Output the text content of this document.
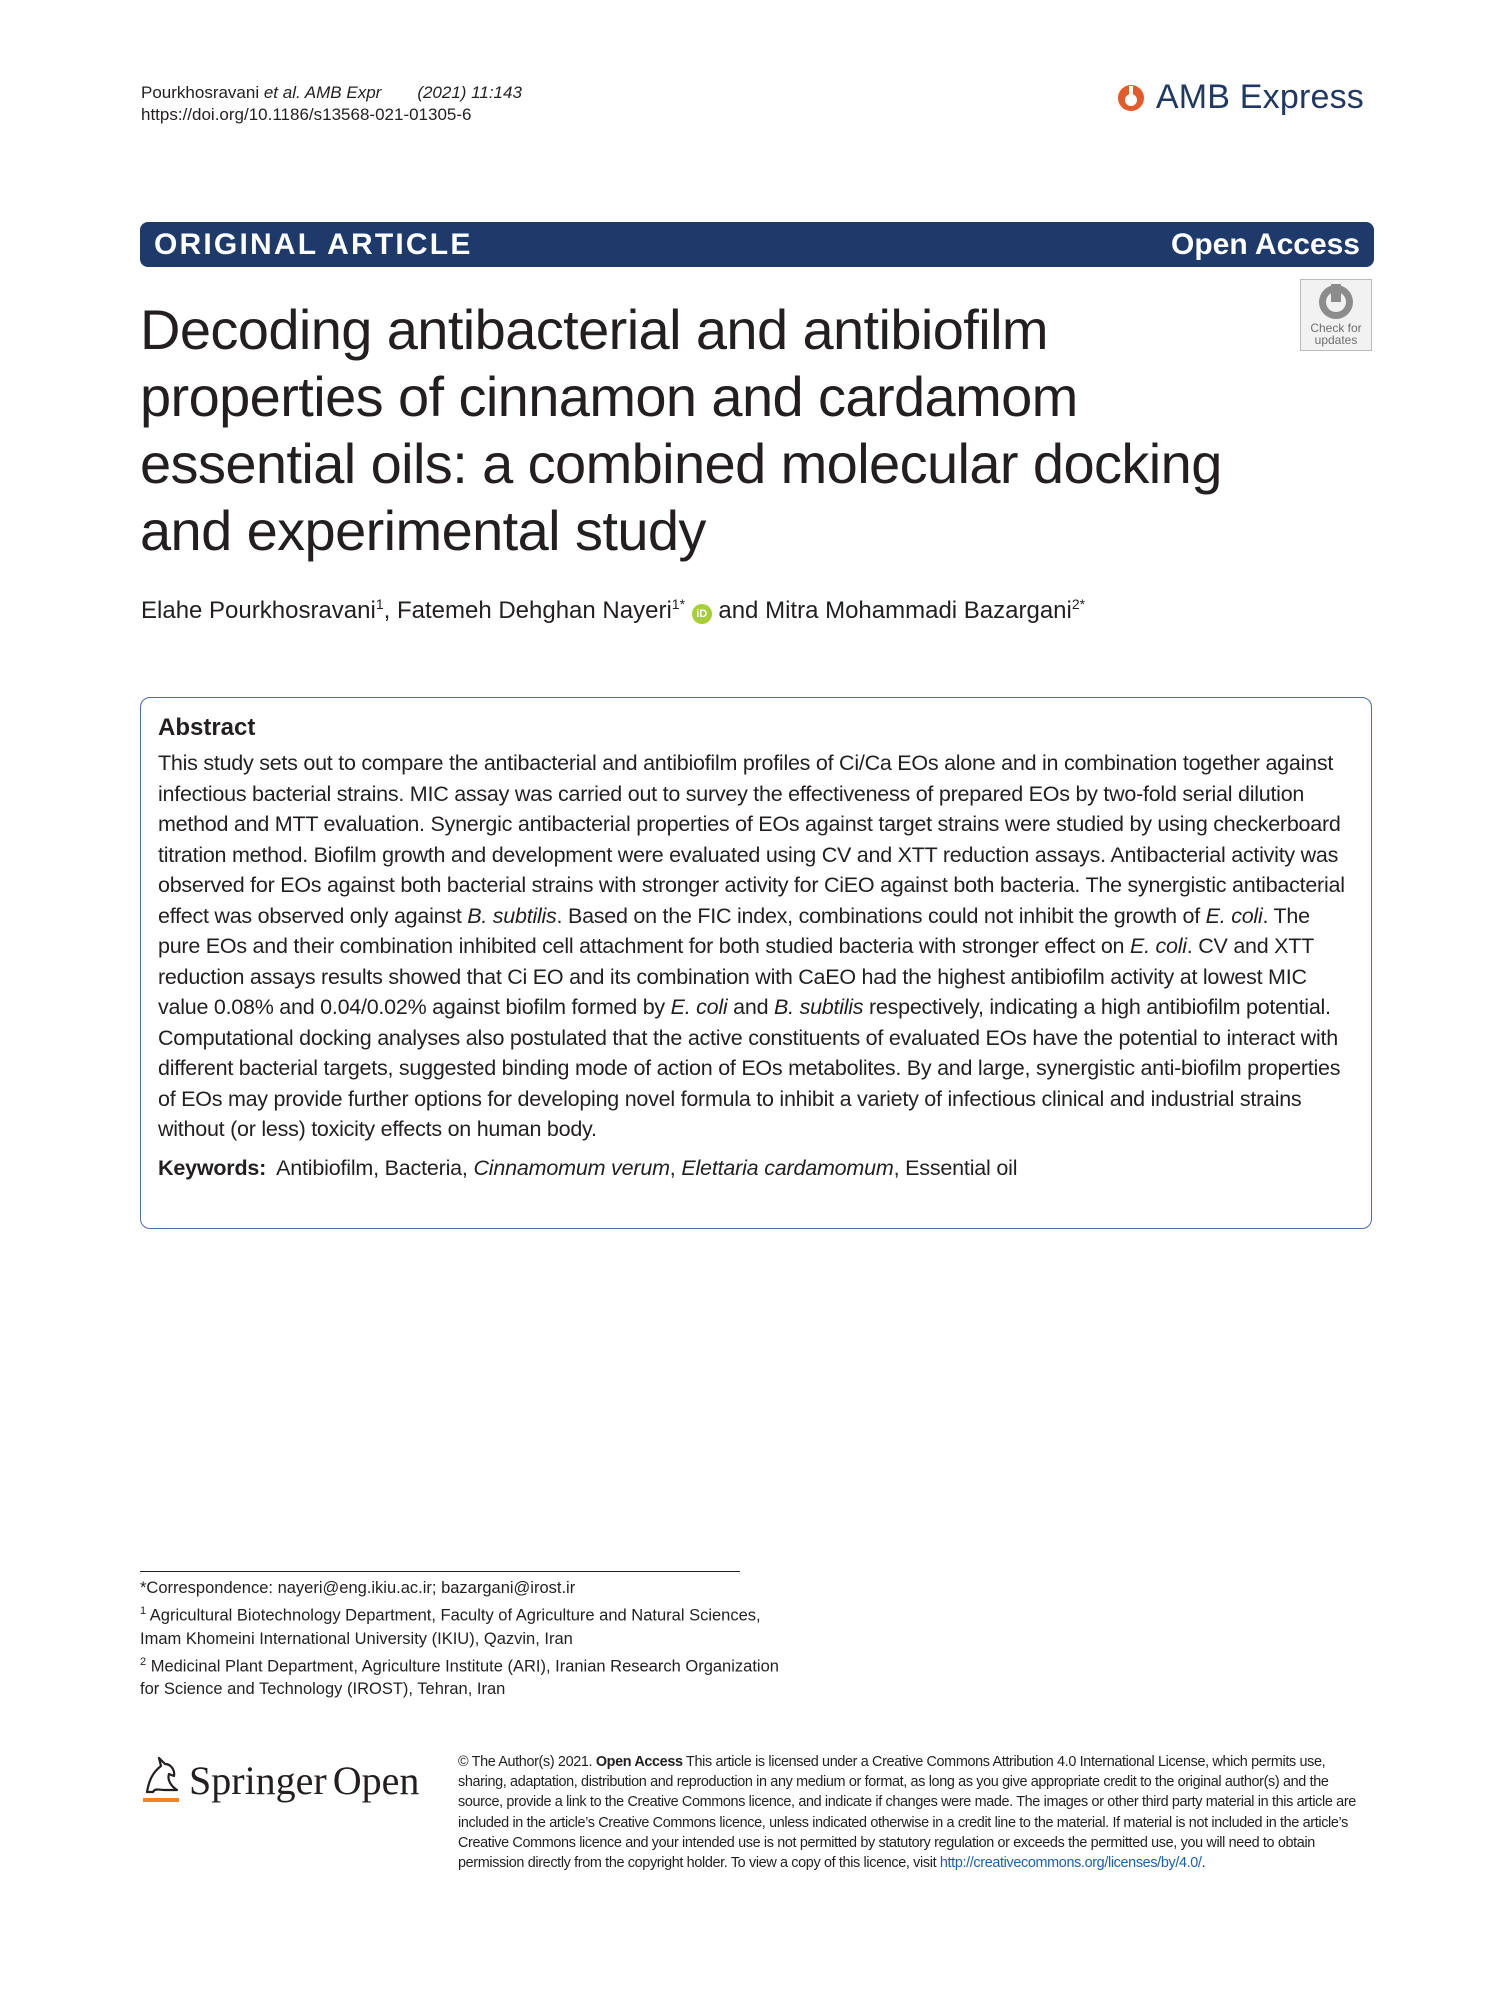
Pourkhosravani et al. AMB Expr (2021) 11:143
https://doi.org/10.1186/s13568-021-01305-6	AMB Express
ORIGINAL ARTICLE	Open Access
Check for
updates
Decoding antibacterial and antibiofilm properties of cinnamon and cardamom essential oils: a combined molecular docking and experimental study
Elahe Pourkhosravani$^1$, Fatemeh Dehghan Nayeri$^{1*}$ iD and Mitra Mohammadi Bazargani$^{2*}$
Abstract

This study sets out to compare the antibacterial and antibiofilm profiles of Ci/Ca EOs alone and in combination together against infectious bacterial strains. MIC assay was carried out to survey the effectiveness of prepared EOs by two-fold serial dilution method and MTT evaluation. Synergic antibacterial properties of EOs against target strains were studied by using checkerboard titration method. Biofilm growth and development were evaluated using CV and XTT reduction assays. Antibacterial activity was observed for EOs against both bacterial strains with stronger activity for CiEO against both bacteria. The synergistic antibacterial effect was observed only against B. subtilis. Based on the FIC index, combinations could not inhibit the growth of E. coli. The pure EOs and their combination inhibited cell attachment for both studied bacteria with stronger effect on E. coli. CV and XTT reduction assays results showed that Ci EO and its combination with CaEO had the highest antibiofilm activity at lowest MIC value 0.08% and 0.04/0.02% against biofilm formed by E. coli and B. subtilis respectively, indicating a high antibiofilm potential. Computational docking analyses also postulated that the active constituents of evaluated EOs have the potential to interact with different bacterial targets, suggested binding mode of action of EOs metabolites. By and large, synergistic anti-biofilm properties of EOs may provide further options for developing novel formula to inhibit a variety of infectious clinical and industrial strains without (or less) toxicity effects on human body.

Keywords: Antibiofilm, Bacteria, Cinnamomum verum, Elettaria cardamomum, Essential oil

*Correspondence: nayeri@eng.ikiu.ac.ir; bazargani@irost.ir

$^1$ Agricultural Biotechnology Department, Faculty of Agriculture and Natural Sciences, Imam Khomeini International University (IKIU), Qazvin, Iran

$^2$ Medicinal Plant Department, Agriculture Institute (ARI), Iranian Research Organization for Science and Technology (IROST), Tehran, Iran

Springer Open	© The Author(s) 2021. Open Access This article is licensed under a Creative Commons Attribution 4.0 International License, which permits use, sharing, adaptation, distribution and reproduction in any medium or format, as long as you give appropriate credit to the original author(s) and the source, provide a link to the Creative Commons licence, and indicate if changes were made. The images or other third party material in this article are included in the article’s Creative Commons licence, unless indicated otherwise in a credit line to the material. If material is not included in the article’s Creative Commons licence and your intended use is not permitted by statutory regulation or exceeds the permitted use, you will need to obtain permission directly from the copyright holder. To view a copy of this licence, visit http://creativecommons.org/licenses/by/4.0/.
